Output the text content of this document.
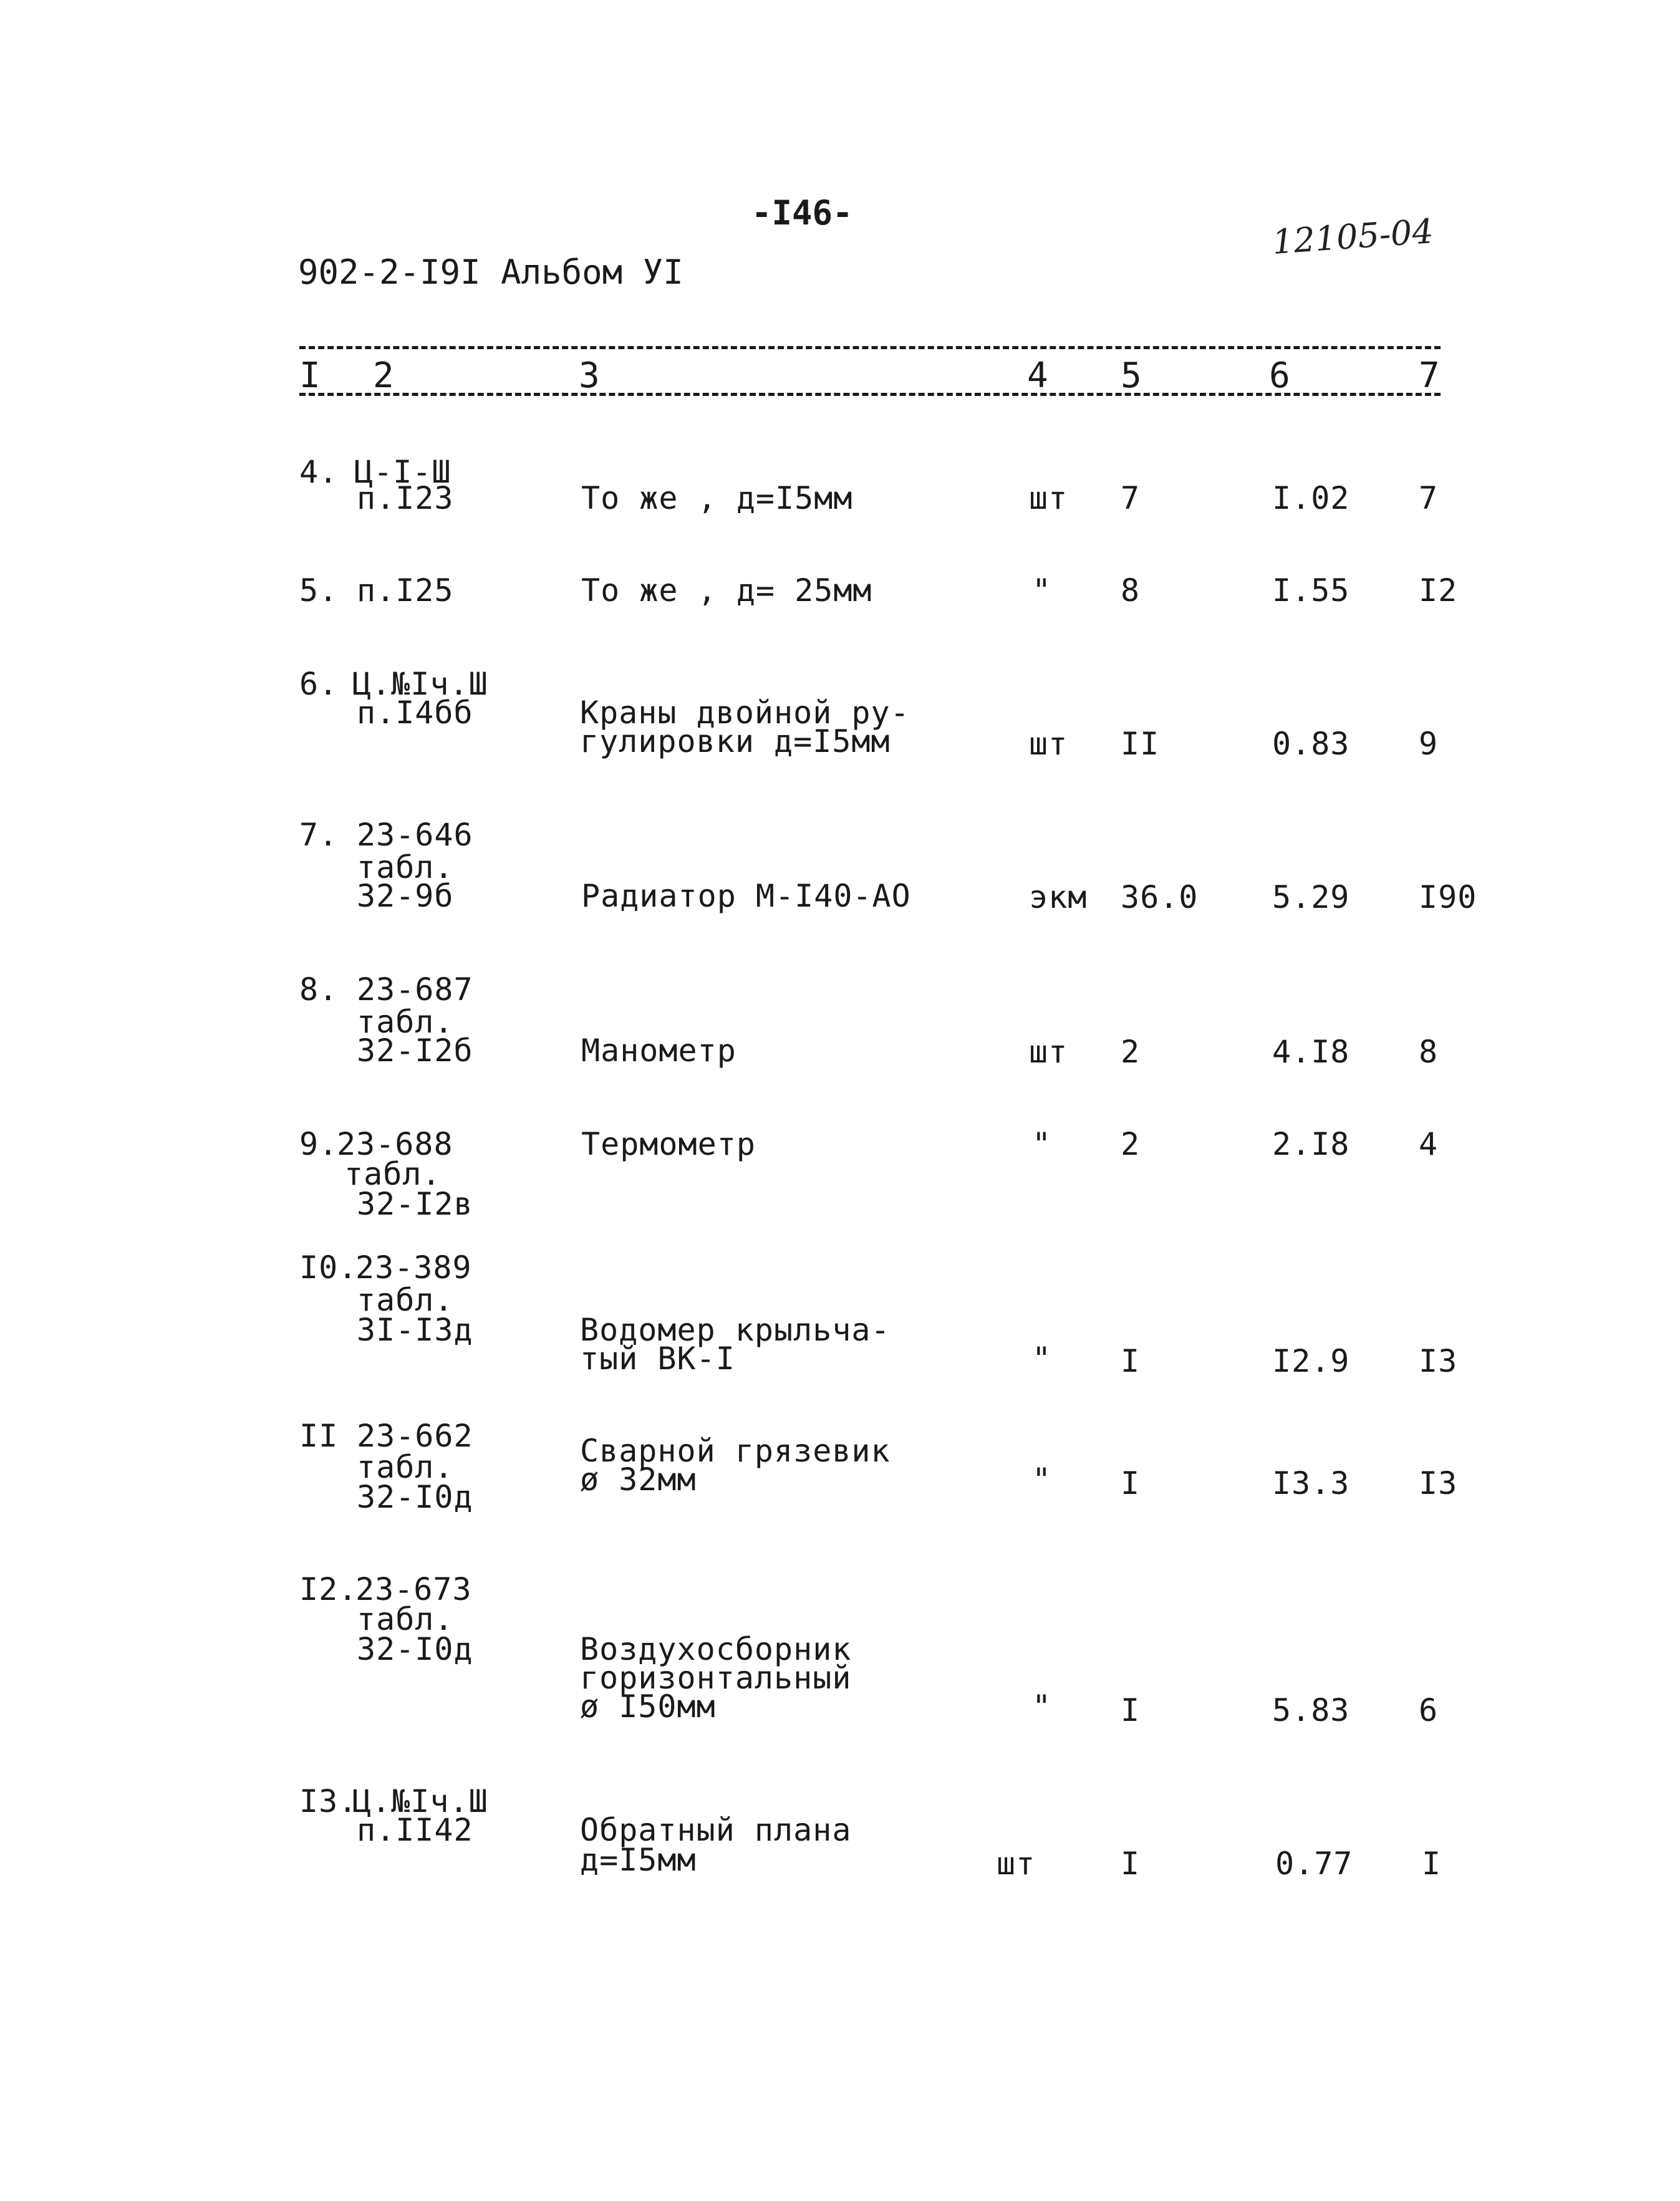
-I46-
902-2-I9I Альбом УI
12105-04
I 2	3	4 5	6	7
4. Ц-I-Ш
п.I23	То же , д=I5мм	шт 7	I.02 7
5. п.I25	То же , д= 25мм	" 8	I.55 I2
6. Ц.№Iч.Ш
п.I4бб	Краны двойной ру-
гулировки д=I5мм	шт II	0.83 9
7. 23-646
табл.
32-9б	Радиатор М-I40-АО	экм 36.0 5.29 I90
8. 23-687
табл.
32-I2б	Манометр	шт 2	4.I8 8
9.
23-688
табл.
32-I2в
Термометр	" 2	2.I8 4
I0.
23-389
табл.
3I-I3д	Водомер крыльча-
тый ВК-I	" I	I2.9 I3
II 23-662
табл.
32-I0д
Сварной грязевик
ø 32мм	" I	I3.3 I3
I2.
23-673
табл.
32-I0д	Воздухосборник
горизонтальный
ø I50мм	" I	5.83 6
I3.
Ц.№Iч.Ш
п.II42	Обратный плана
д=I5мм	шт	I	0.77 I
